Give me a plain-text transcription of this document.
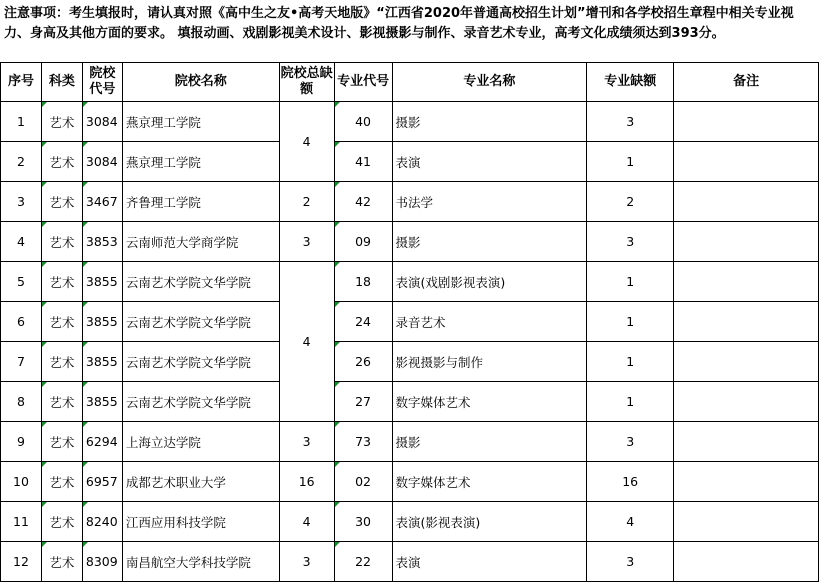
注意事项：考生填报时，请认真对照《高中生之友•高考天地版》“江西省2020年普通高校招生计划”增刊和各学校招生章程中相关专业视力、身高及其他方面的要求。 填报动画、戏剧影视美术设计、影视摄影与制作、录音艺术专业，高考文化成绩须达到393分。
序号	科类	院校代号	院校名称	院校总缺额	专业代号	专业名称	专业缺额	备注
1	艺术	3084	燕京理工学院	4	40	摄影	3	
2	艺术	3084	燕京理工学院		41	表演	1	
3	艺术	3467	齐鲁理工学院	2	42	书法学	2	
4	艺术	3853	云南师范大学商学院	3	09	摄影	3	
5	艺术	3855	云南艺术学院文华学院	4	18	表演(戏剧影视表演)	1	
6	艺术	3855	云南艺术学院文华学院		24	录音艺术	1	
7	艺术	3855	云南艺术学院文华学院		26	影视摄影与制作	1	
8	艺术	3855	云南艺术学院文华学院		27	数字媒体艺术	1	
9	艺术	6294	上海立达学院	3	73	摄影	3	
10	艺术	6957	成都艺术职业大学	16	02	数字媒体艺术	16	
11	艺术	8240	江西应用科技学院	4	30	表演(影视表演)	4	
12	艺术	8309	南昌航空大学科技学院	3	22	表演	3	
